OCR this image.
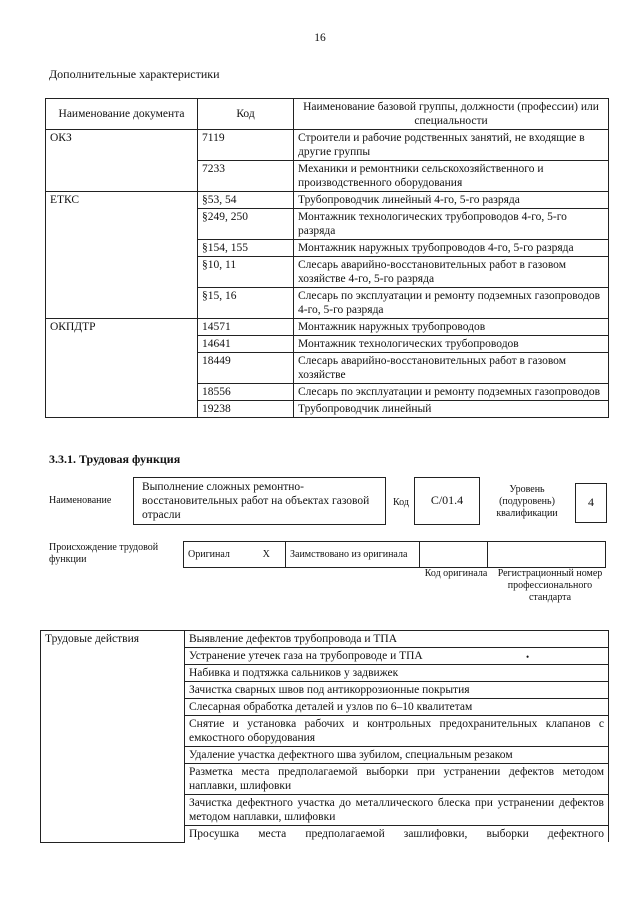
16
Дополнительные характеристики
Наименование документа	Код	Наименование базовой группы, должности (профессии) или специальности
ОКЗ	7119	Строители и рабочие родственных занятий, не входящие в другие группы
	7233	Механики и ремонтники сельскохозяйственного и производственного оборудования
ЕТКС	§53, 54	Трубопроводчик линейный 4-го, 5-го разряда
	§249, 250	Монтажник технологических трубопроводов 4-го, 5-го разряда
	§154, 155	Монтажник наружных трубопроводов 4-го, 5-го разряда
	§10, 11	Слесарь аварийно-восстановительных работ в газовом хозяйстве 4-го, 5-го разряда
	§15, 16	Слесарь по эксплуатации и ремонту подземных газопроводов 4-го, 5-го разряда
ОКПДТР	14571	Монтажник наружных трубопроводов
	14641	Монтажник технологических трубопроводов
	18449	Слесарь аварийно-восстановительных работ в газовом хозяйстве
	18556	Слесарь по эксплуатации и ремонту подземных газопроводов
	19238	Трубопроводчик линейный
3.3.1. Трудовая функция
Наименование
Выполнение сложных ремонтно-восстановительных работ на объектах газовой отрасли
Код	C/01.4
Уровень (подуровень) квалификации
4
Происхождение трудовой функции	Оригинал	X	Заимствовано из оригинала		
Код оригинала	Регистрационный номер профессионального стандарта
Трудовые действия	Выявление дефектов трубопровода и ТПА
Устранение утечек газа на трубопроводе и ТПА
Набивка и подтяжка сальников у задвижек
Зачистка сварных швов под антикоррозионные покрытия
Слесарная обработка деталей и узлов по 6–10 квалитетам
Снятие и установка рабочих и контрольных предохранительных клапанов с емкостного оборудования
Удаление участка дефектного шва зубилом, специальным резаком
Разметка места предполагаемой выборки при устранении дефектов методом наплавки, шлифовки
Зачистка дефектного участка до металлического блеска при устранении дефектов методом наплавки, шлифовки
Просушка места предполагаемой зашлифовки, выборки дефектного
•
